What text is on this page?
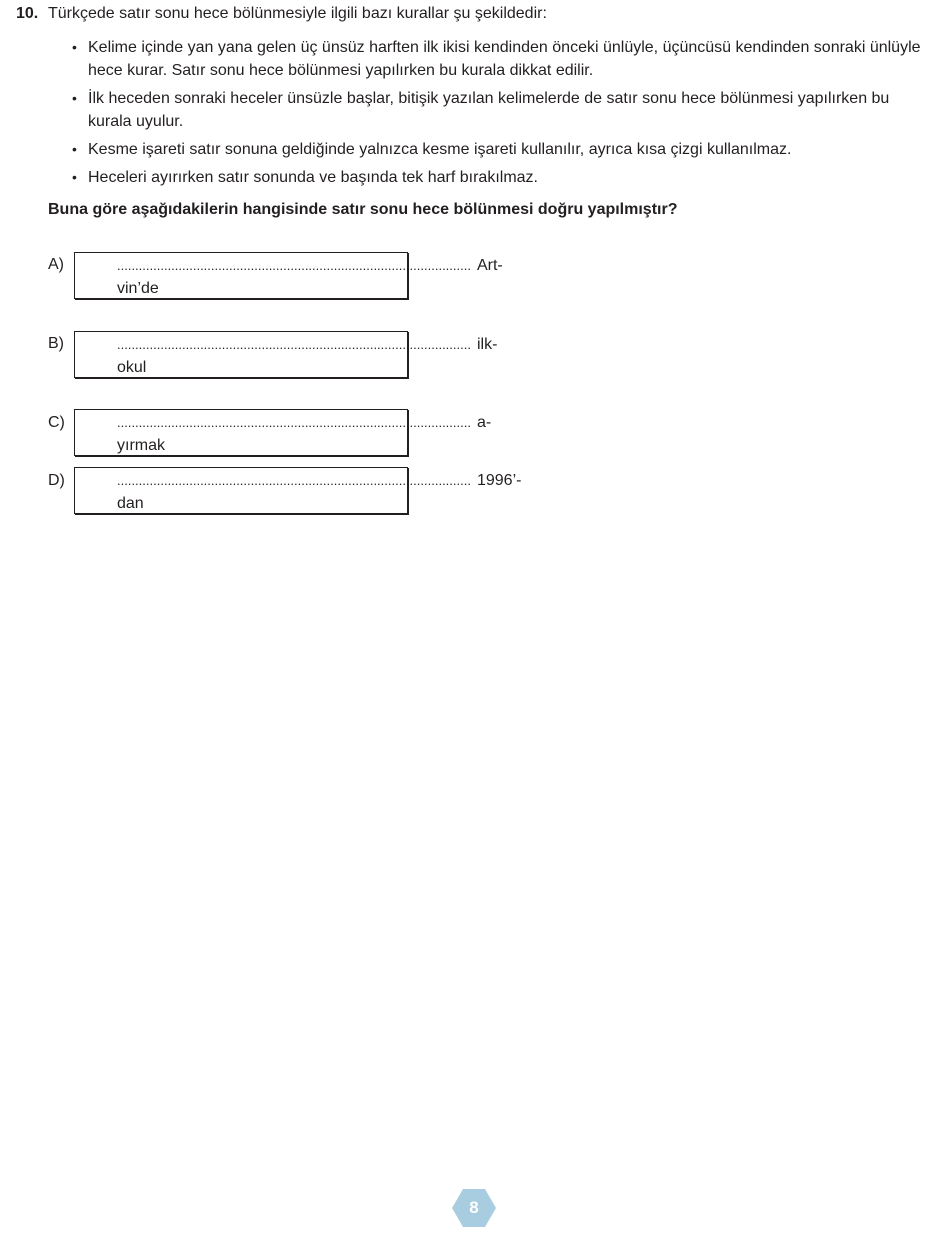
10. Türkçede satır sonu hece bölünmesiyle ilgili bazı kurallar şu şekildedir:
• Kelime içinde yan yana gelen üç ünsüz harften ilk ikisi kendinden önceki ünlüyle, üçüncüsü kendinden sonraki ünlüyle hece kurar. Satır sonu hece bölünmesi yapılırken bu kurala dikkat edilir.
• İlk heceden sonraki heceler ünsüzle başlar, bitişik yazılan kelimelerde de satır sonu hece bölünmesi yapılırken bu kurala uyulur.
• Kesme işareti satır sonuna geldiğinde yalnızca kesme işareti kullanılır, ayrıca kısa çizgi kullanılmaz.
• Heceleri ayırırken satır sonunda ve başında tek harf bırakılmaz.
Buna göre aşağıdakilerin hangisinde satır sonu hece bölünmesi doğru yapılmıştır?
A)	.................................................................................................. Art-
vin’de
B)	.................................................................................................. ilk-
okul
C)	.................................................................................................. a-
yırmak
D)	.................................................................................................. 1996’-
dan
8
